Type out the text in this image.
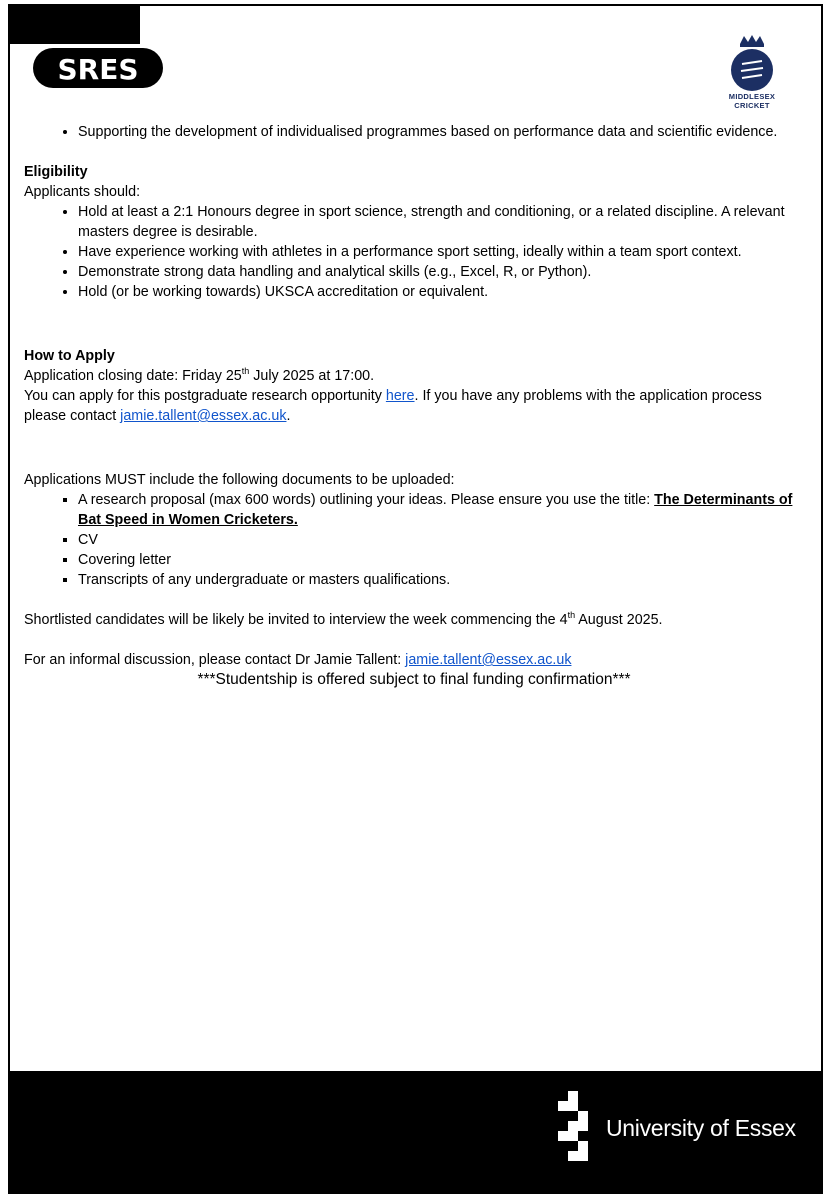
SRES
MIDDLESEX
CRICKET
• Supporting the development of individualised programmes based on performance data and scientific evidence.

Eligibility

Applicants should:

• Hold at least a 2:1 Honours degree in sport science, strength and conditioning, or a related discipline. A relevant masters degree is desirable.
• Have experience working with athletes in a performance sport setting, ideally within a team sport context.
• Demonstrate strong data handling and analytical skills (e.g., Excel, R, or Python).
• Hold (or be working towards) UKSCA accreditation or equivalent.

How to Apply

Application closing date: Friday 25th July 2025 at 17:00.

You can apply for this postgraduate research opportunity here. If you have any problems with the application process please contact jamie.tallent@essex.ac.uk.

Applications MUST include the following documents to be uploaded:

▪ A research proposal (max 600 words) outlining your ideas. Please ensure you use the title: The Determinants of Bat Speed in Women Cricketers.
▪ CV
▪ Covering letter
▪ Transcripts of any undergraduate or masters qualifications.

Shortlisted candidates will be likely be invited to interview the week commencing the 4th August 2025.

For an informal discussion, please contact Dr Jamie Tallent: jamie.tallent@essex.ac.uk

***Studentship is offered subject to final funding confirmation***

University of Essex
